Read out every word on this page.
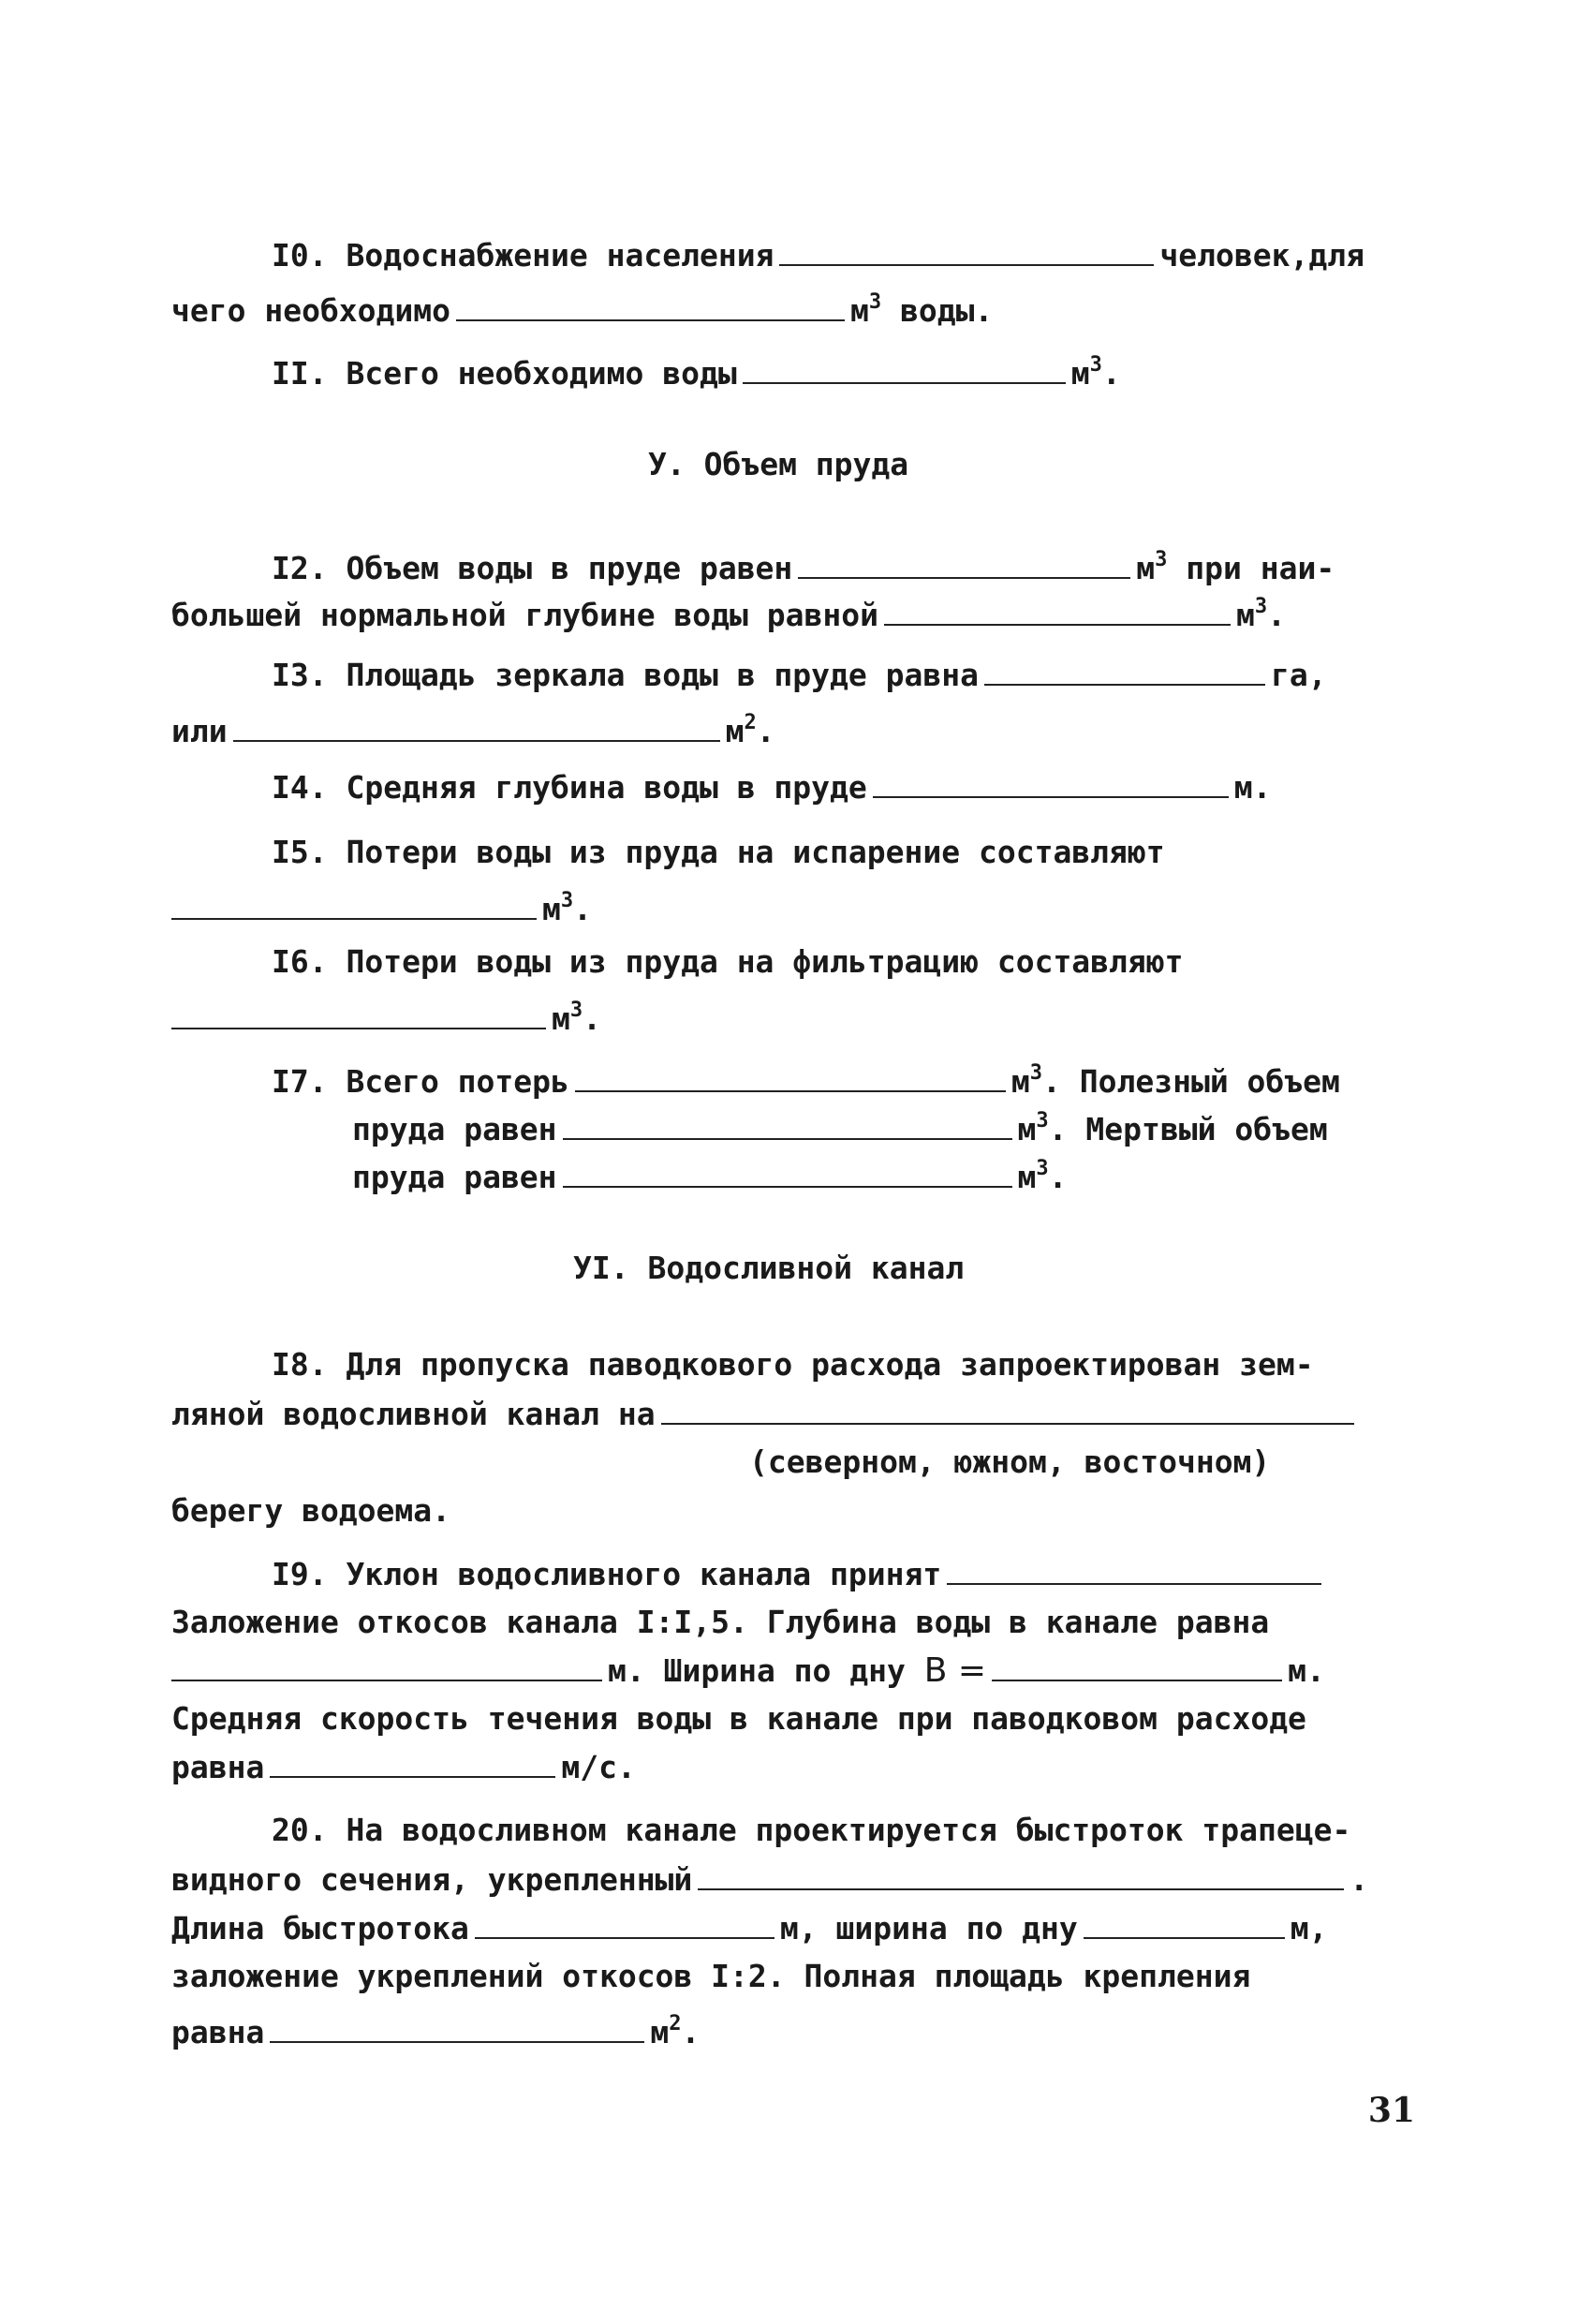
I0. Водоснабжение населения	человек,для
чего необходимо	$м^3$ воды.
II. Всего необходимо воды	$м^3$.
У. Объем пруда
I2. Объем воды в пруде равен	$м^3$ при наи-
большей нормальной глубине воды равной	$м^3$.
I3. Площадь зеркала воды в пруде равна	га,
или	$м^2$.
I4. Средняя глубина воды в пруде	м.
I5. Потери воды из пруда на испарение составляют
$м^3$.
I6. Потери воды из пруда на фильтрацию составляют
$м^3$.
I7. Всего потерь	$м^3$. Полезный объем
пруда равен	$м^3$. Мертвый объем
пруда равен	$м^3$.
УI. Водосливной канал
I8. Для пропуска паводкового расхода запроектирован зем-
ляной водосливной канал на
(северном, южном, восточном)
берегу водоема.
I9. Уклон водосливного канала принят
Заложение откосов канала I:I,5. Глубина воды в канале равна
м. Ширина по дну В =	м.
Средняя скорость течения воды в канале при паводковом расходе
равна	м/с.
20. На водосливном канале проектируется быстроток трапеце-
видного сечения, укрепленный	.
Длина быстротока	м, ширина по дну	м,
заложение укреплений откосов I:2. Полная площадь крепления
равна	$м^2$.
31
